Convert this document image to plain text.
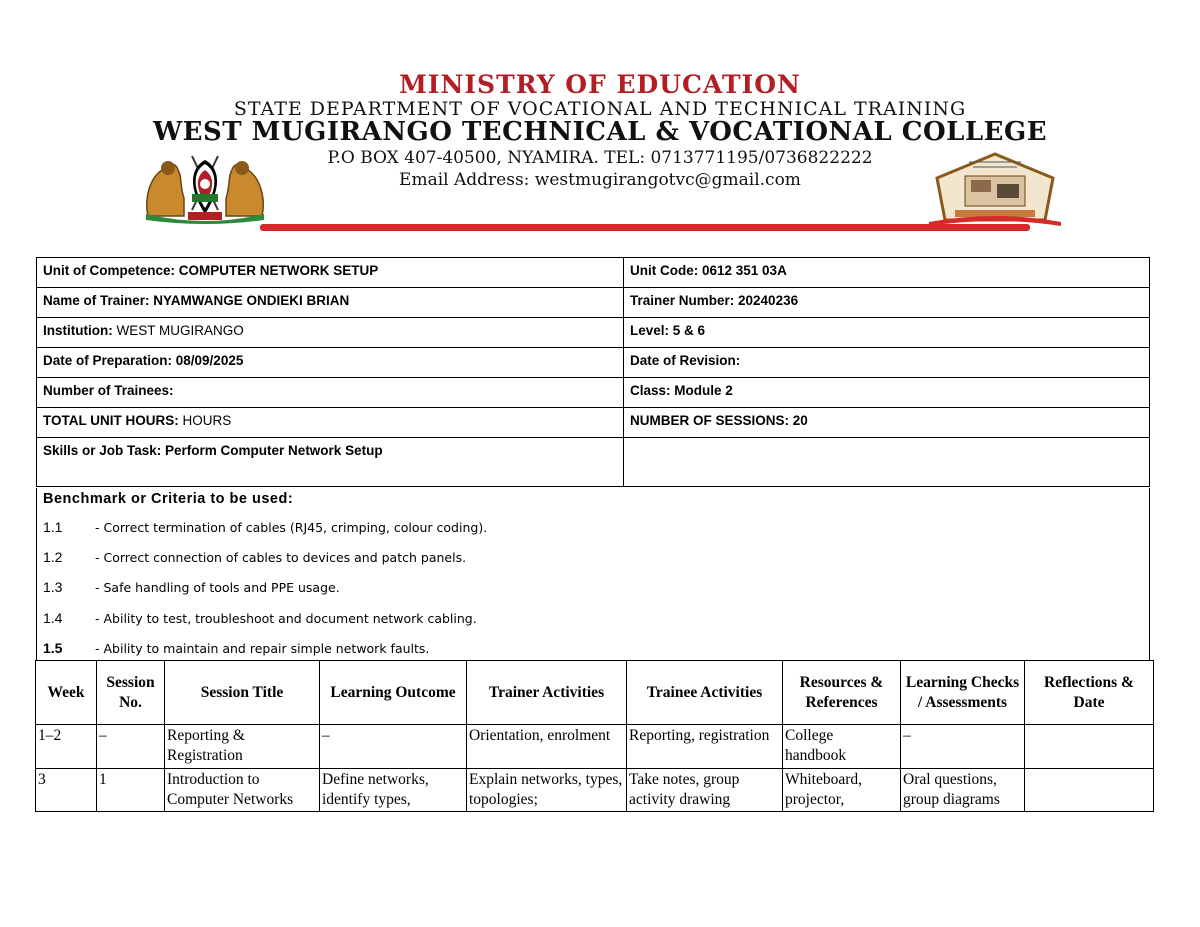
MINISTRY OF EDUCATION
STATE DEPARTMENT OF VOCATIONAL AND TECHNICAL TRAINING
WEST MUGIRANGO TECHNICAL & VOCATIONAL COLLEGE
P.O BOX 407-40500, NYAMIRA. TEL: 0713771195/0736822222
Email Address: westmugirangotvc@gmail.com
Unit of Competence: COMPUTER NETWORK SETUP	Unit Code: 0612 351 03A
Name of Trainer: NYAMWANGE ONDIEKI BRIAN	Trainer Number: 20240236
Institution: WEST MUGIRANGO	Level: 5 & 6
Date of Preparation: 08/09/2025	Date of Revision:
Number of Trainees:	Class: Module 2
TOTAL UNIT HOURS: HOURS	NUMBER OF SESSIONS: 20
Skills or Job Task: Perform Computer Network Setup
Benchmark or Criteria to be used:
1.1	- Correct termination of cables (RJ45, crimping, colour coding).
1.2	- Correct connection of cables to devices and patch panels.
1.3	- Safe handling of tools and PPE usage.
1.4	- Ability to test, troubleshoot and document network cabling.
1.5	- Ability to maintain and repair simple network faults.
Week	Session No.	Session Title	Learning Outcome	Trainer Activities	Trainee Activities	Resources & References	Learning Checks / Assessments	Reflections & Date
1–2	–	Reporting & Registration	–	Orientation, enrolment	Reporting, registration	College handbook	–	
3	1	Introduction to Computer Networks	Define networks, identify types,	Explain networks, types, topologies;	Take notes, group activity drawing	Whiteboard, projector,	Oral questions, group diagrams	
